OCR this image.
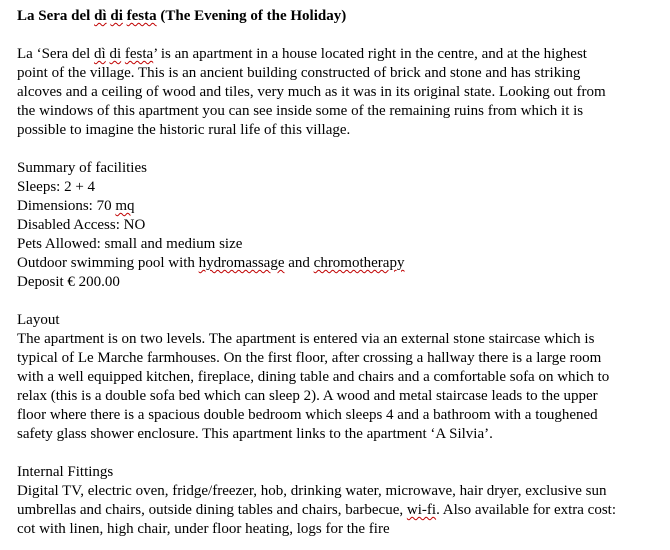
La Sera del dì di festa (The Evening of the Holiday)
La ‘Sera del dì di festa’ is an apartment in a house located right in the centre, and at the highest
point of the village. This is an ancient building constructed of brick and stone and has striking
alcoves and a ceiling of wood and tiles, very much as it was in its original state. Looking out from
the windows of this apartment you can see inside some of the remaining ruins from which it is
possible to imagine the historic rural life of this village.
Summary of facilities
Sleeps: 2 + 4
Dimensions: 70 mq
Disabled Access: NO
Pets Allowed: small and medium size
Outdoor swimming pool with hydromassage and chromotherapy
Deposit € 200.00
Layout
The apartment is on two levels. The apartment is entered via an external stone staircase which is
typical of Le Marche farmhouses. On the first floor, after crossing a hallway there is a large room
with a well equipped kitchen, fireplace, dining table and chairs and a comfortable sofa on which to
relax (this is a double sofa bed which can sleep 2). A wood and metal staircase leads to the upper
floor where there is a spacious double bedroom which sleeps 4 and a bathroom with a toughened
safety glass shower enclosure. This apartment links to the apartment ‘A Silvia’.
Internal Fittings
Digital TV, electric oven, fridge/freezer, hob, drinking water, microwave, hair dryer, exclusive sun
umbrellas and chairs, outside dining tables and chairs, barbecue, wi-fi. Also available for extra cost:
cot with linen, high chair, under floor heating, logs for the fire
